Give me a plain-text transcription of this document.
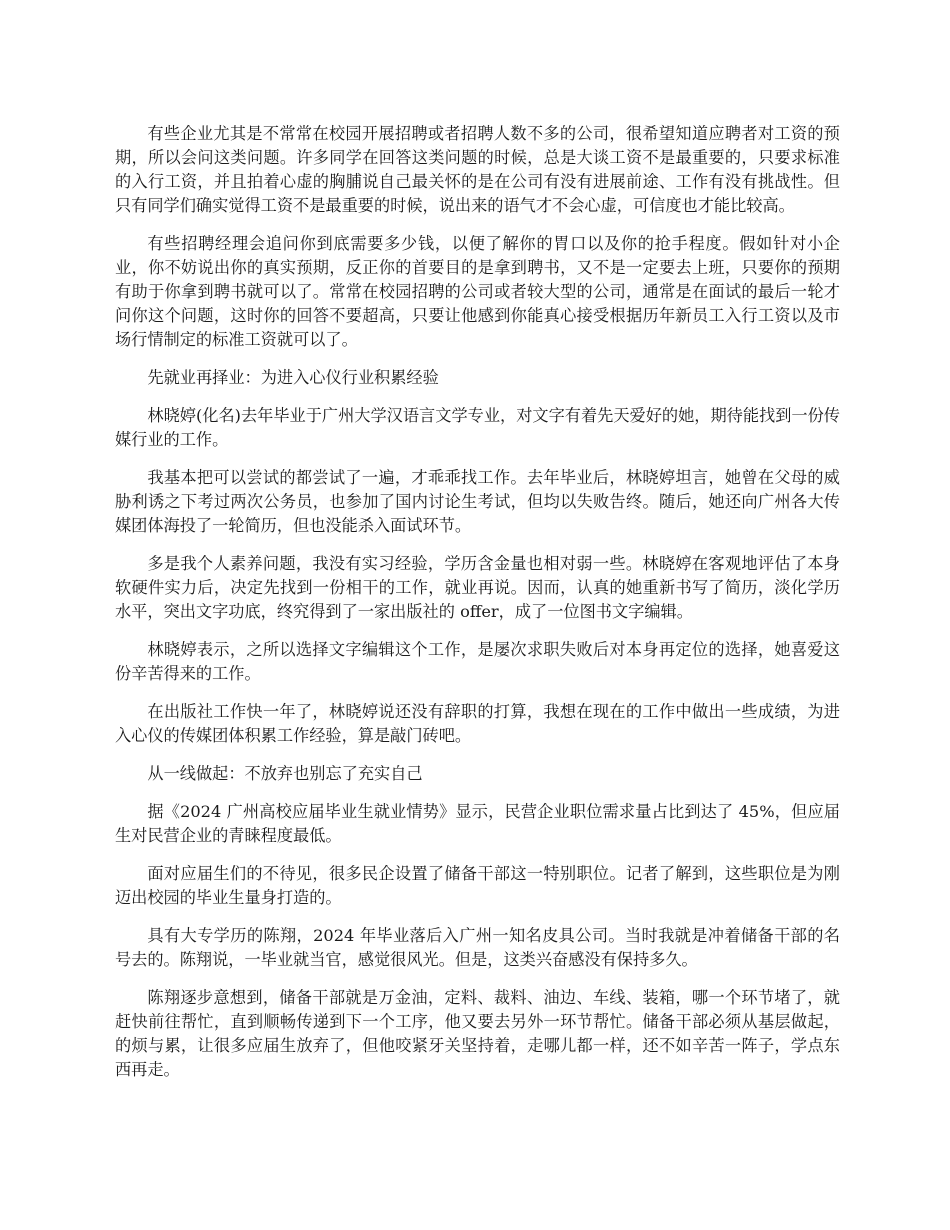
有些企业尤其是不常常在校园开展招聘或者招聘人数不多的公司，很希望知道应聘者对工资的预期，所以会问这类问题。许多同学在回答这类问题的时候，总是大谈工资不是最重要的，只要求标准的入行工资，并且拍着心虚的胸脯说自己最关怀的是在公司有没有进展前途、工作有没有挑战性。但只有同学们确实觉得工资不是最重要的时候，说出来的语气才不会心虚，可信度也才能比较高。

有些招聘经理会追问你到底需要多少钱，以便了解你的胃口以及你的抢手程度。假如针对小企业，你不妨说出你的真实预期，反正你的首要目的是拿到聘书，又不是一定要去上班，只要你的预期有助于你拿到聘书就可以了。常常在校园招聘的公司或者较大型的公司，通常是在面试的最后一轮才问你这个问题，这时你的回答不要超高，只要让他感到你能真心接受根据历年新员工入行工资以及市场行情制定的标准工资就可以了。

先就业再择业：为进入心仪行业积累经验

林晓婷(化名)去年毕业于广州大学汉语言文学专业，对文字有着先天爱好的她，期待能找到一份传媒行业的工作。

我基本把可以尝试的都尝试了一遍，才乖乖找工作。去年毕业后，林晓婷坦言，她曾在父母的威胁利诱之下考过两次公务员，也参加了国内讨论生考试，但均以失败告终。随后，她还向广州各大传媒团体海投了一轮简历，但也没能杀入面试环节。

多是我个人素养问题，我没有实习经验，学历含金量也相对弱一些。林晓婷在客观地评估了本身软硬件实力后，决定先找到一份相干的工作，就业再说。因而，认真的她重新书写了简历，淡化学历水平，突出文字功底，终究得到了一家出版社的 offer，成了一位图书文字编辑。

林晓婷表示，之所以选择文字编辑这个工作，是屡次求职失败后对本身再定位的选择，她喜爱这份辛苦得来的工作。

在出版社工作快一年了，林晓婷说还没有辞职的打算，我想在现在的工作中做出一些成绩，为进入心仪的传媒团体积累工作经验，算是敲门砖吧。

从一线做起：不放弃也别忘了充实自己

据《2024 广州高校应届毕业生就业情势》显示，民营企业职位需求量占比到达了 45%，但应届生对民营企业的青睐程度最低。

面对应届生们的不待见，很多民企设置了储备干部这一特别职位。记者了解到，这些职位是为刚迈出校园的毕业生量身打造的。

具有大专学历的陈翔，2024 年毕业落后入广州一知名皮具公司。当时我就是冲着储备干部的名号去的。陈翔说，一毕业就当官，感觉很风光。但是，这类兴奋感没有保持多久。

陈翔逐步意想到，储备干部就是万金油，定料、裁料、油边、车线、装箱，哪一个环节堵了，就赶快前往帮忙，直到顺畅传递到下一个工序，他又要去另外一环节帮忙。储备干部必须从基层做起，的烦与累，让很多应届生放弃了，但他咬紧牙关坚持着，走哪儿都一样，还不如辛苦一阵子，学点东西再走。
